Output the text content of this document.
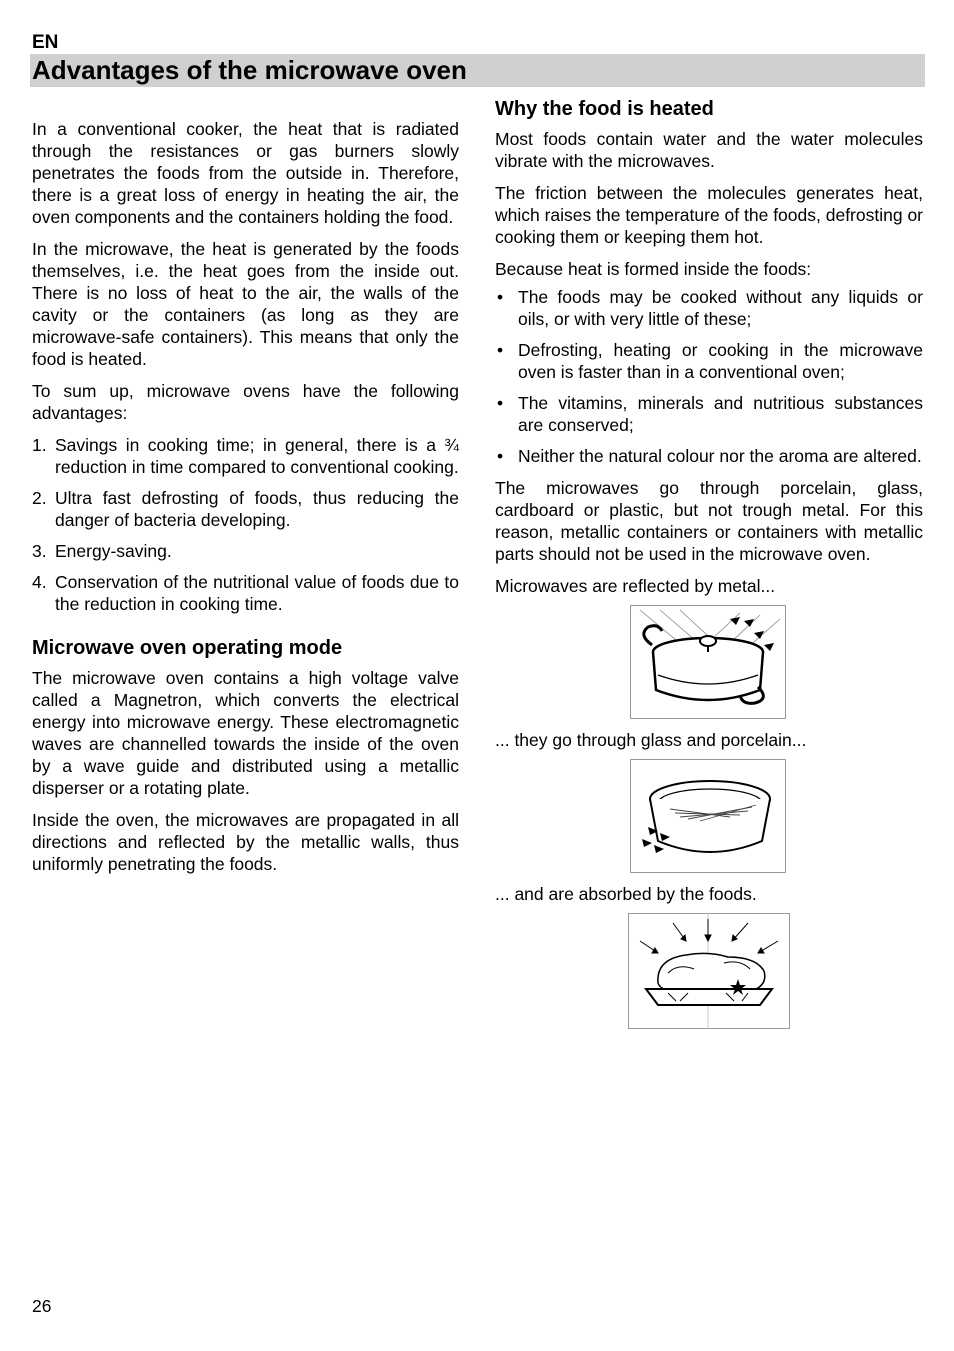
EN
Advantages of the microwave oven

In a conventional cooker, the heat that is radiated through the resistances or gas burners slowly penetrates the foods from the outside in. Therefore, there is a great loss of energy in heating the air, the oven components and the containers holding the food.

In the microwave, the heat is generated by the foods themselves, i.e. the heat goes from the inside out. There is no loss of heat to the air, the walls of the cavity or the containers (as long as they are microwave-safe containers). This means that only the food is heated.

To sum up, microwave ovens have the following advantages:

1. Savings in cooking time; in general, there is a ¾ reduction in time compared to conventional cooking.
2. Ultra fast defrosting of foods, thus reducing the danger of bacteria developing.
3. Energy-saving.
4. Conservation of the nutritional value of foods due to the reduction in cooking time.
Microwave oven operating mode

The microwave oven contains a high voltage valve called a Magnetron, which converts the electrical energy into microwave energy. These electromagnetic waves are channelled towards the inside of the oven by a wave guide and distributed using a metallic disperser or a rotating plate.

Inside the oven, the microwaves are propagated in all directions and reflected by the metallic walls, thus uniformly penetrating the foods.

Why the food is heated

Most foods contain water and the water molecules vibrate with the microwaves.

The friction between the molecules generates heat, which raises the temperature of the foods, defrosting or cooking them or keeping them hot.

Because heat is formed inside the foods:

• The foods may be cooked without any liquids or oils, or with very little of these;
• Defrosting, heating or cooking in the microwave oven is faster than in a conventional oven;
• The vitamins, minerals and nutritious substances are conserved;
• Neither the natural colour nor the aroma are altered.

The microwaves go through porcelain, glass, cardboard or plastic, but not trough metal. For this reason, metallic containers or containers with metallic parts should not be used in the microwave oven.

Microwaves are reflected by metal...

... they go through glass and porcelain...

... and are absorbed by the foods.

26
